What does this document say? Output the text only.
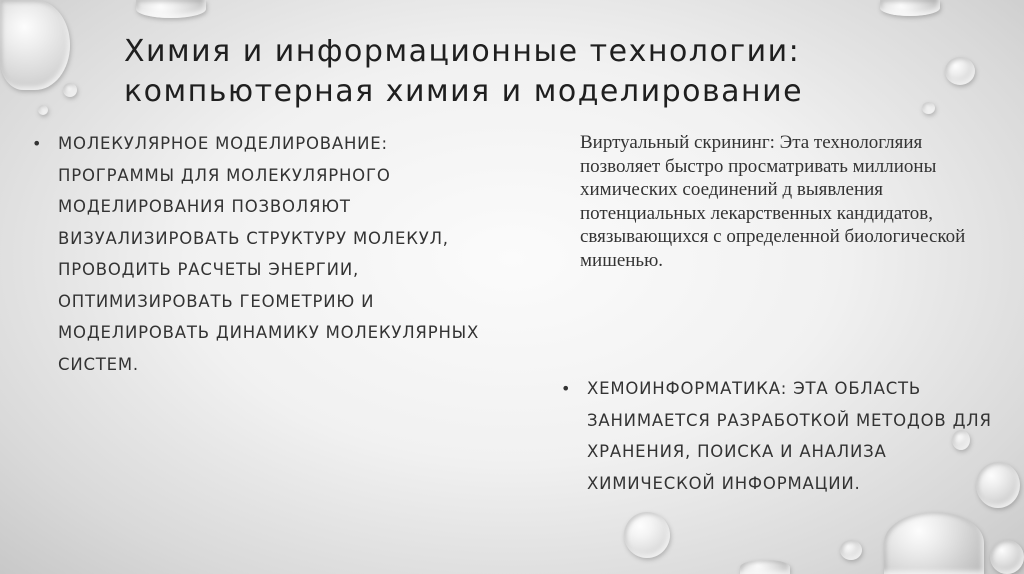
Химия и информационные технологии:
компьютерная химия и моделирование
• МОЛЕКУЛЯРНОЕ МОДЕЛИРОВАНИЕ: ПРОГРАММЫ ДЛЯ МОЛЕКУЛЯРНОГО МОДЕЛИРОВАНИЯ ПОЗВОЛЯЮТ ВИЗУАЛИЗИРОВАТЬ СТРУКТУРУ МОЛЕКУЛ, ПРОВОДИТЬ РАСЧЕТЫ ЭНЕРГИИ, ОПТИМИЗИРОВАТЬ ГЕОМЕТРИЮ И МОДЕЛИРОВАТЬ ДИНАМИКУ МОЛЕКУЛЯРНЫХ СИСТЕМ.
Виртуальный скрининг: Эта технологляия позволяет быстро просматривать миллионы химических соединений д выявления потенциальных лекарственных кандидатов, связывающихся с определенной биологической мишенью.
• ХЕМОИНФОРМАТИКА: ЭТА ОБЛАСТЬ ЗАНИМАЕТСЯ РАЗРАБОТКОЙ МЕТОДОВ ДЛЯ ХРАНЕНИЯ, ПОИСКА И АНАЛИЗА ХИМИЧЕСКОЙ ИНФОРМАЦИИ.
